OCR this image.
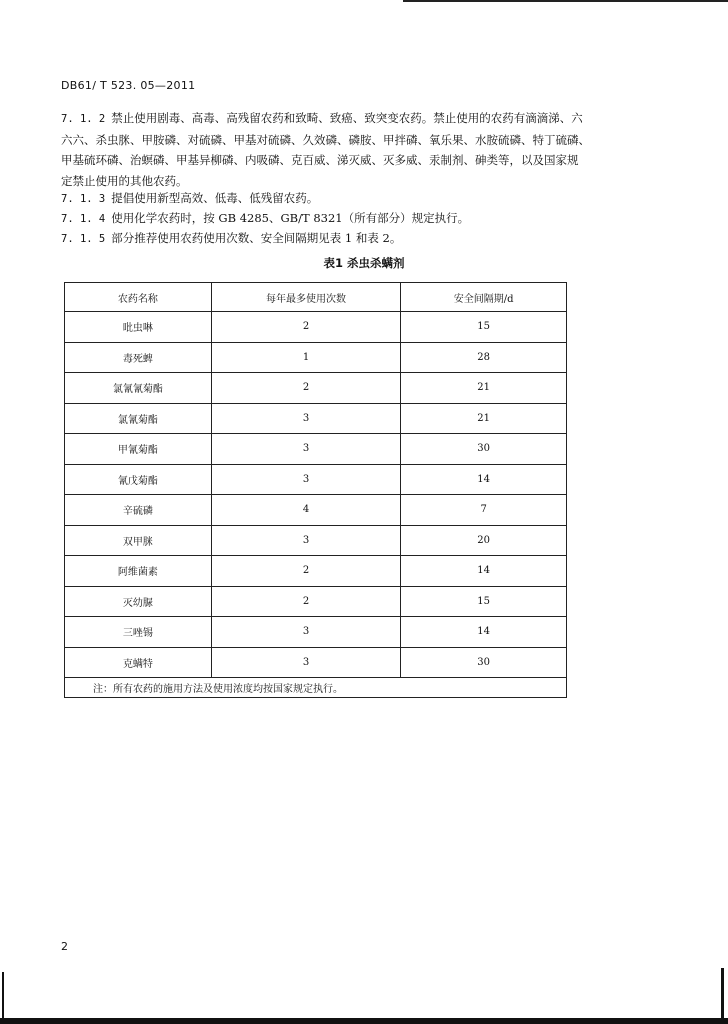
DB61/ T 523. 05—2011
7. 1. 2 禁止使用剧毒、高毒、高残留农药和致畸、致癌、致突变农药。禁止使用的农药有滴滴涕、六
六六、杀虫脒、甲胺磷、对硫磷、甲基对硫磷、久效磷、磷胺、甲拌磷、氧乐果、水胺硫磷、特丁硫磷、
甲基硫环磷、治螟磷、甲基异柳磷、内吸磷、克百威、涕灭威、灭多威、汞制剂、砷类等，以及国家规
定禁止使用的其他农药。
7. 1. 3 提倡使用新型高效、低毒、低残留农药。
7. 1. 4 使用化学农药时，按 GB 4285、GB/T 8321（所有部分）规定执行。
7. 1. 5 部分推荐使用农药使用次数、安全间隔期见表 1 和表 2。
表1 杀虫杀螨剂
农药名称	每年最多使用次数	安全间隔期/d
吡虫啉	2	15
毒死蜱	1	28
氯氰氰菊酯	2	21
氯氰菊酯	3	21
甲氰菊酯	3	30
氰戊菊酯	3	14
辛硫磷	4	7
双甲脒	3	20
阿维菌素	2	14
灭幼脲	2	15
三唑锡	3	14
克螨特	3	30
注：所有农药的施用方法及使用浓度均按国家规定执行。		
2
